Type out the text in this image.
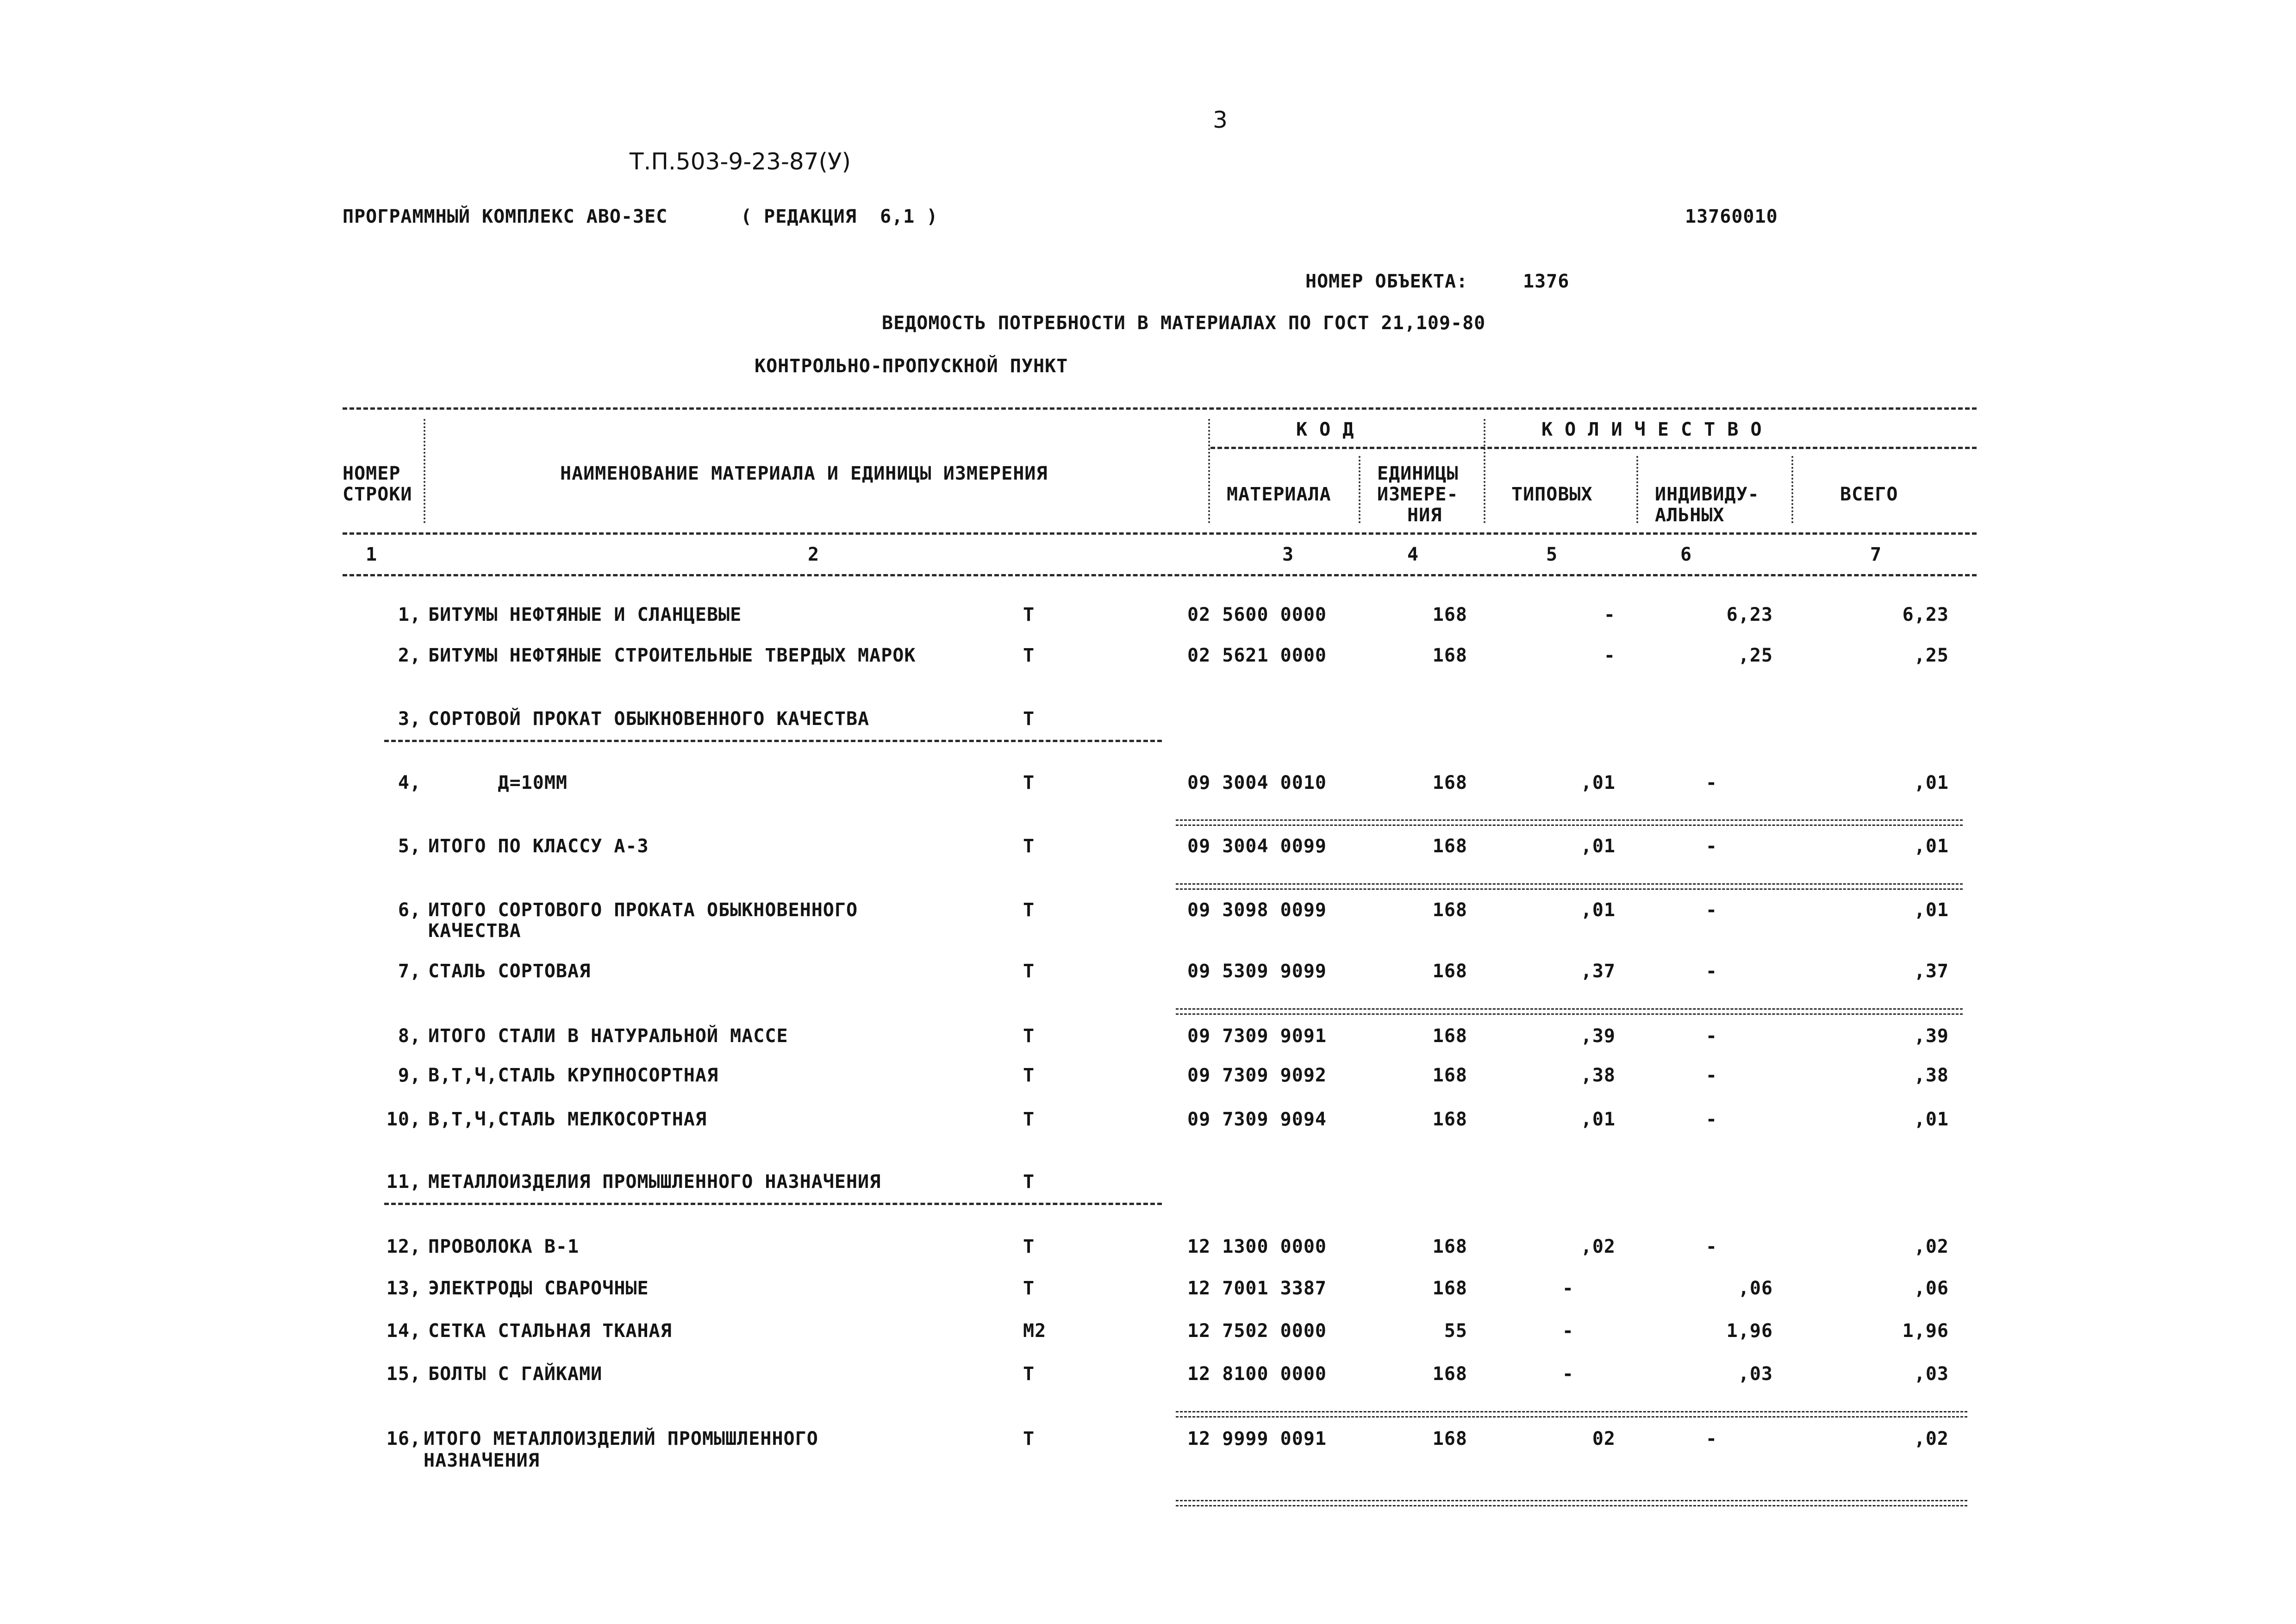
3
Т.П.503-9-23-87(У)
ПРОГРАММНЫЙ КОМПЛЕКС АВО-ЗЕС	( РЕДАКЦИЯ  6,1 )	13760010
НОМЕР ОБЪЕКТА:	1376
ВЕДОМОСТЬ ПОТРЕБНОСТИ В МАТЕРИАЛАХ ПО ГОСТ 21,109-80
КОНТРОЛЬНО-ПРОПУСКНОЙ ПУНКТ
К О Д	К О Л И Ч Е С Т В О
НОМЕР
СТРОКИ
НАИМЕНОВАНИЕ МАТЕРИАЛА И ЕДИНИЦЫ ИЗМЕРЕНИЯ
МАТЕРИАЛА
ЕДИНИЦЫ
ИЗМЕРЕ-
НИЯ
ТИПОВЫХ	ИНДИВИДУ-
АЛЬНЫХ
ВСЕГО
1	2	3	4	5	6	7
1, БИТУМЫ НЕФТЯНЫЕ И СЛАНЦЕВЫЕ	Т	02 5600 0000	168	-	6,23	6,23
2, БИТУМЫ НЕФТЯНЫЕ СТРОИТЕЛЬНЫЕ ТВЕРДЫХ МАРОК	Т	02 5621 0000	168	-	,25	,25
3, СОРТОВОЙ ПРОКАТ ОБЫКНОВЕННОГО КАЧЕСТВА	Т
4, Д=10ММ	Т	09 3004 0010	168	,01	-	,01
5, ИТОГО ПО КЛАССУ А-3	Т	09 3004 0099	168	,01	-	,01
6, ИТОГО СОРТОВОГО ПРОКАТА ОБЫКНОВЕННОГО
КАЧЕСТВА
Т	09 3098 0099	168	,01	-	,01
7, СТАЛЬ СОРТОВАЯ	Т	09 5309 9099	168	,37	-	,37
8, ИТОГО СТАЛИ В НАТУРАЛЬНОЙ МАССЕ	Т	09 7309 9091	168	,39	-	,39
9, В,Т,Ч,СТАЛЬ КРУПНОСОРТНАЯ	Т	09 7309 9092	168	,38	-	,38
10, В,Т,Ч,СТАЛЬ МЕЛКОСОРТНАЯ	Т	09 7309 9094	168	,01	-	,01
11, МЕТАЛЛОИЗДЕЛИЯ ПРОМЫШЛЕННОГО НАЗНАЧЕНИЯ	Т
12, ПРОВОЛОКА В-1	Т	12 1300 0000	168	,02	-	,02
13, ЭЛЕКТРОДЫ СВАРОЧНЫЕ	Т	12 7001 3387	168	-	,06	,06
14, СЕТКА СТАЛЬНАЯ ТКАНАЯ	М2	12 7502 0000	55	-	1,96	1,96
15, БОЛТЫ С ГАЙКАМИ	Т	12 8100 0000	168	-	,03	,03
16, ИТОГО МЕТАЛЛОИЗДЕЛИЙ ПРОМЫШЛЕННОГО
НАЗНАЧЕНИЯ
Т	12 9999 0091	168	02	-	,02
